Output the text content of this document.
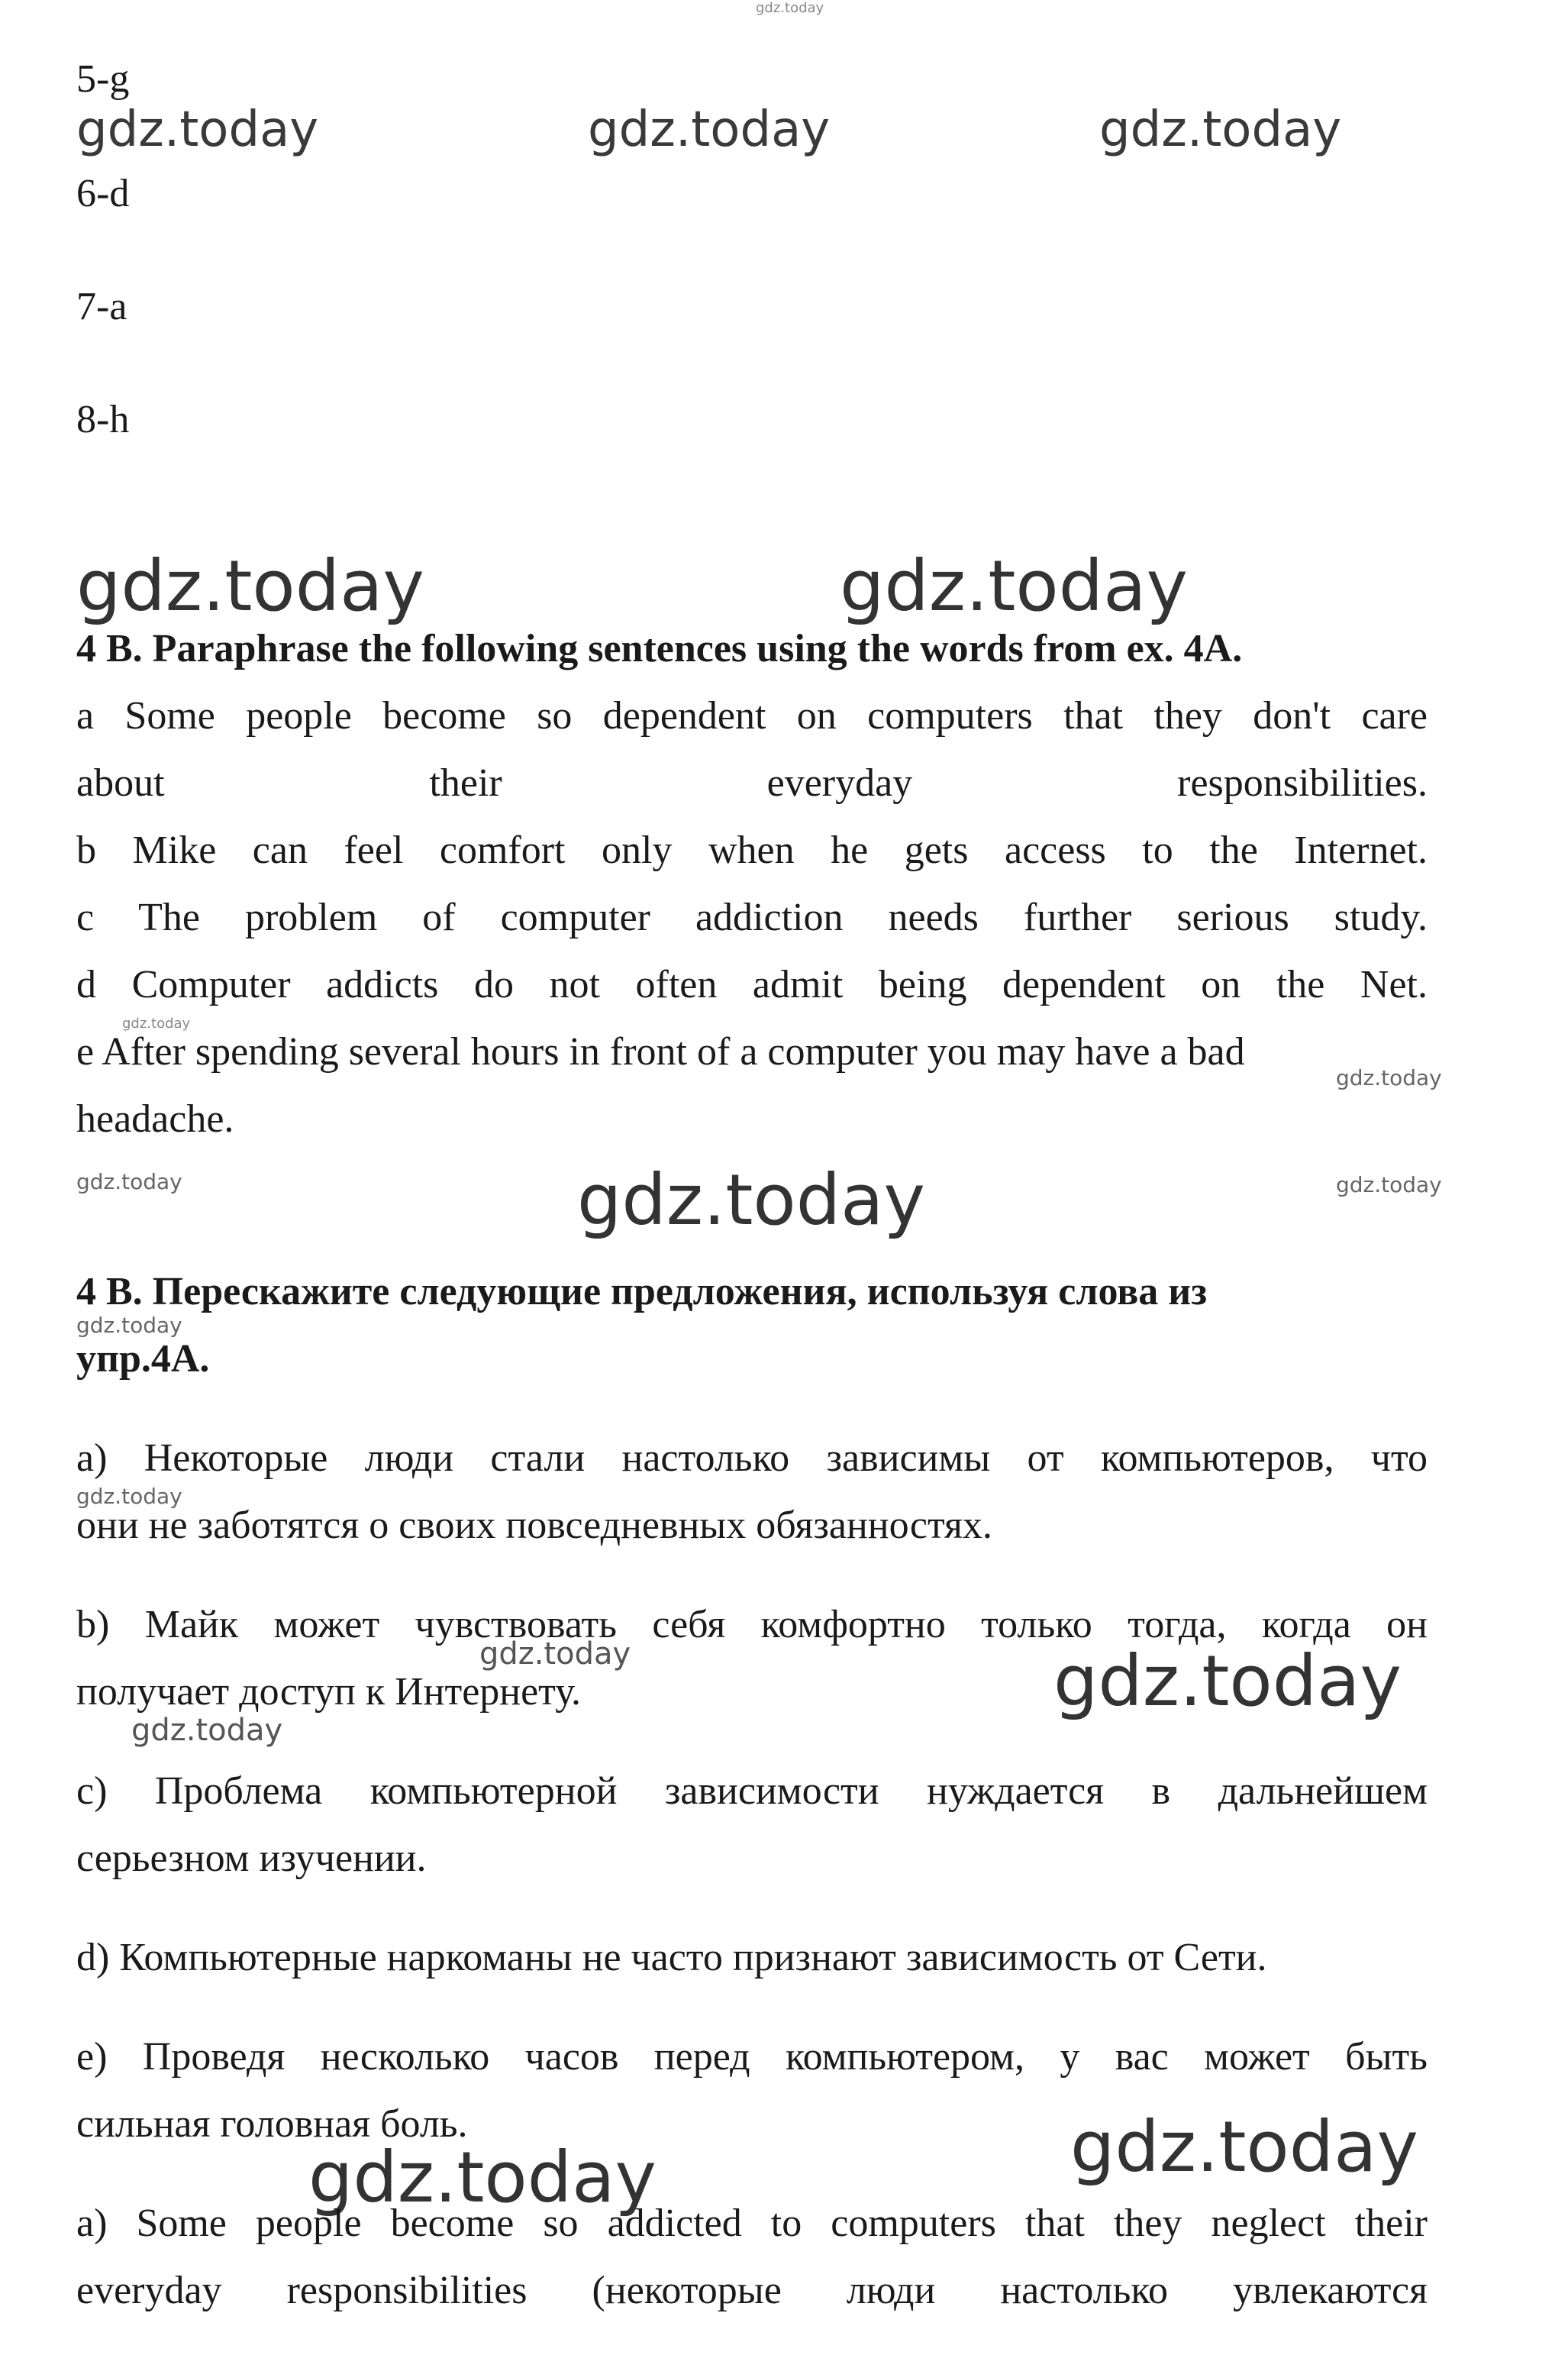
gdz.today
gdz.today	gdz.today	gdz.today
gdz.today	gdz.today
gdz.today
gdz.today
gdz.today	gdz.today
gdz.today
gdz.today
gdz.today
gdz.today	gdz.today
gdz.today
gdz.today
gdz.today
5-g
6-d
7-a
8-h
4 B. Paraphrase the following sentences using the words from ex. 4A.
a Some people become so dependent on computers that they don't care
about their everyday responsibilities.
b Mike can feel comfort only when he gets access to the Internet.
c The problem of computer addiction needs further serious study.
d Computer addicts do not often admit being dependent on the Net.
e After spending several hours in front of a computer you may have a bad
headache.
4 B. Перескажите следующие предложения, используя слова из
упр.4А.
а) Некоторые люди стали настолько зависимы от компьютеров, что
они не заботятся о своих повседневных обязанностях.
b) Майк может чувствовать себя комфортно только тогда, когда он
получает доступ к Интернету.
c) Проблема компьютерной зависимости нуждается в дальнейшем
серьезном изучении.
d) Компьютерные наркоманы не часто признают зависимость от Сети.
e) Проведя несколько часов перед компьютером, у вас может быть
сильная головная боль.
a) Some people become so addicted to computers that they neglect their
everyday responsibilities (некоторые люди настолько увлекаются
